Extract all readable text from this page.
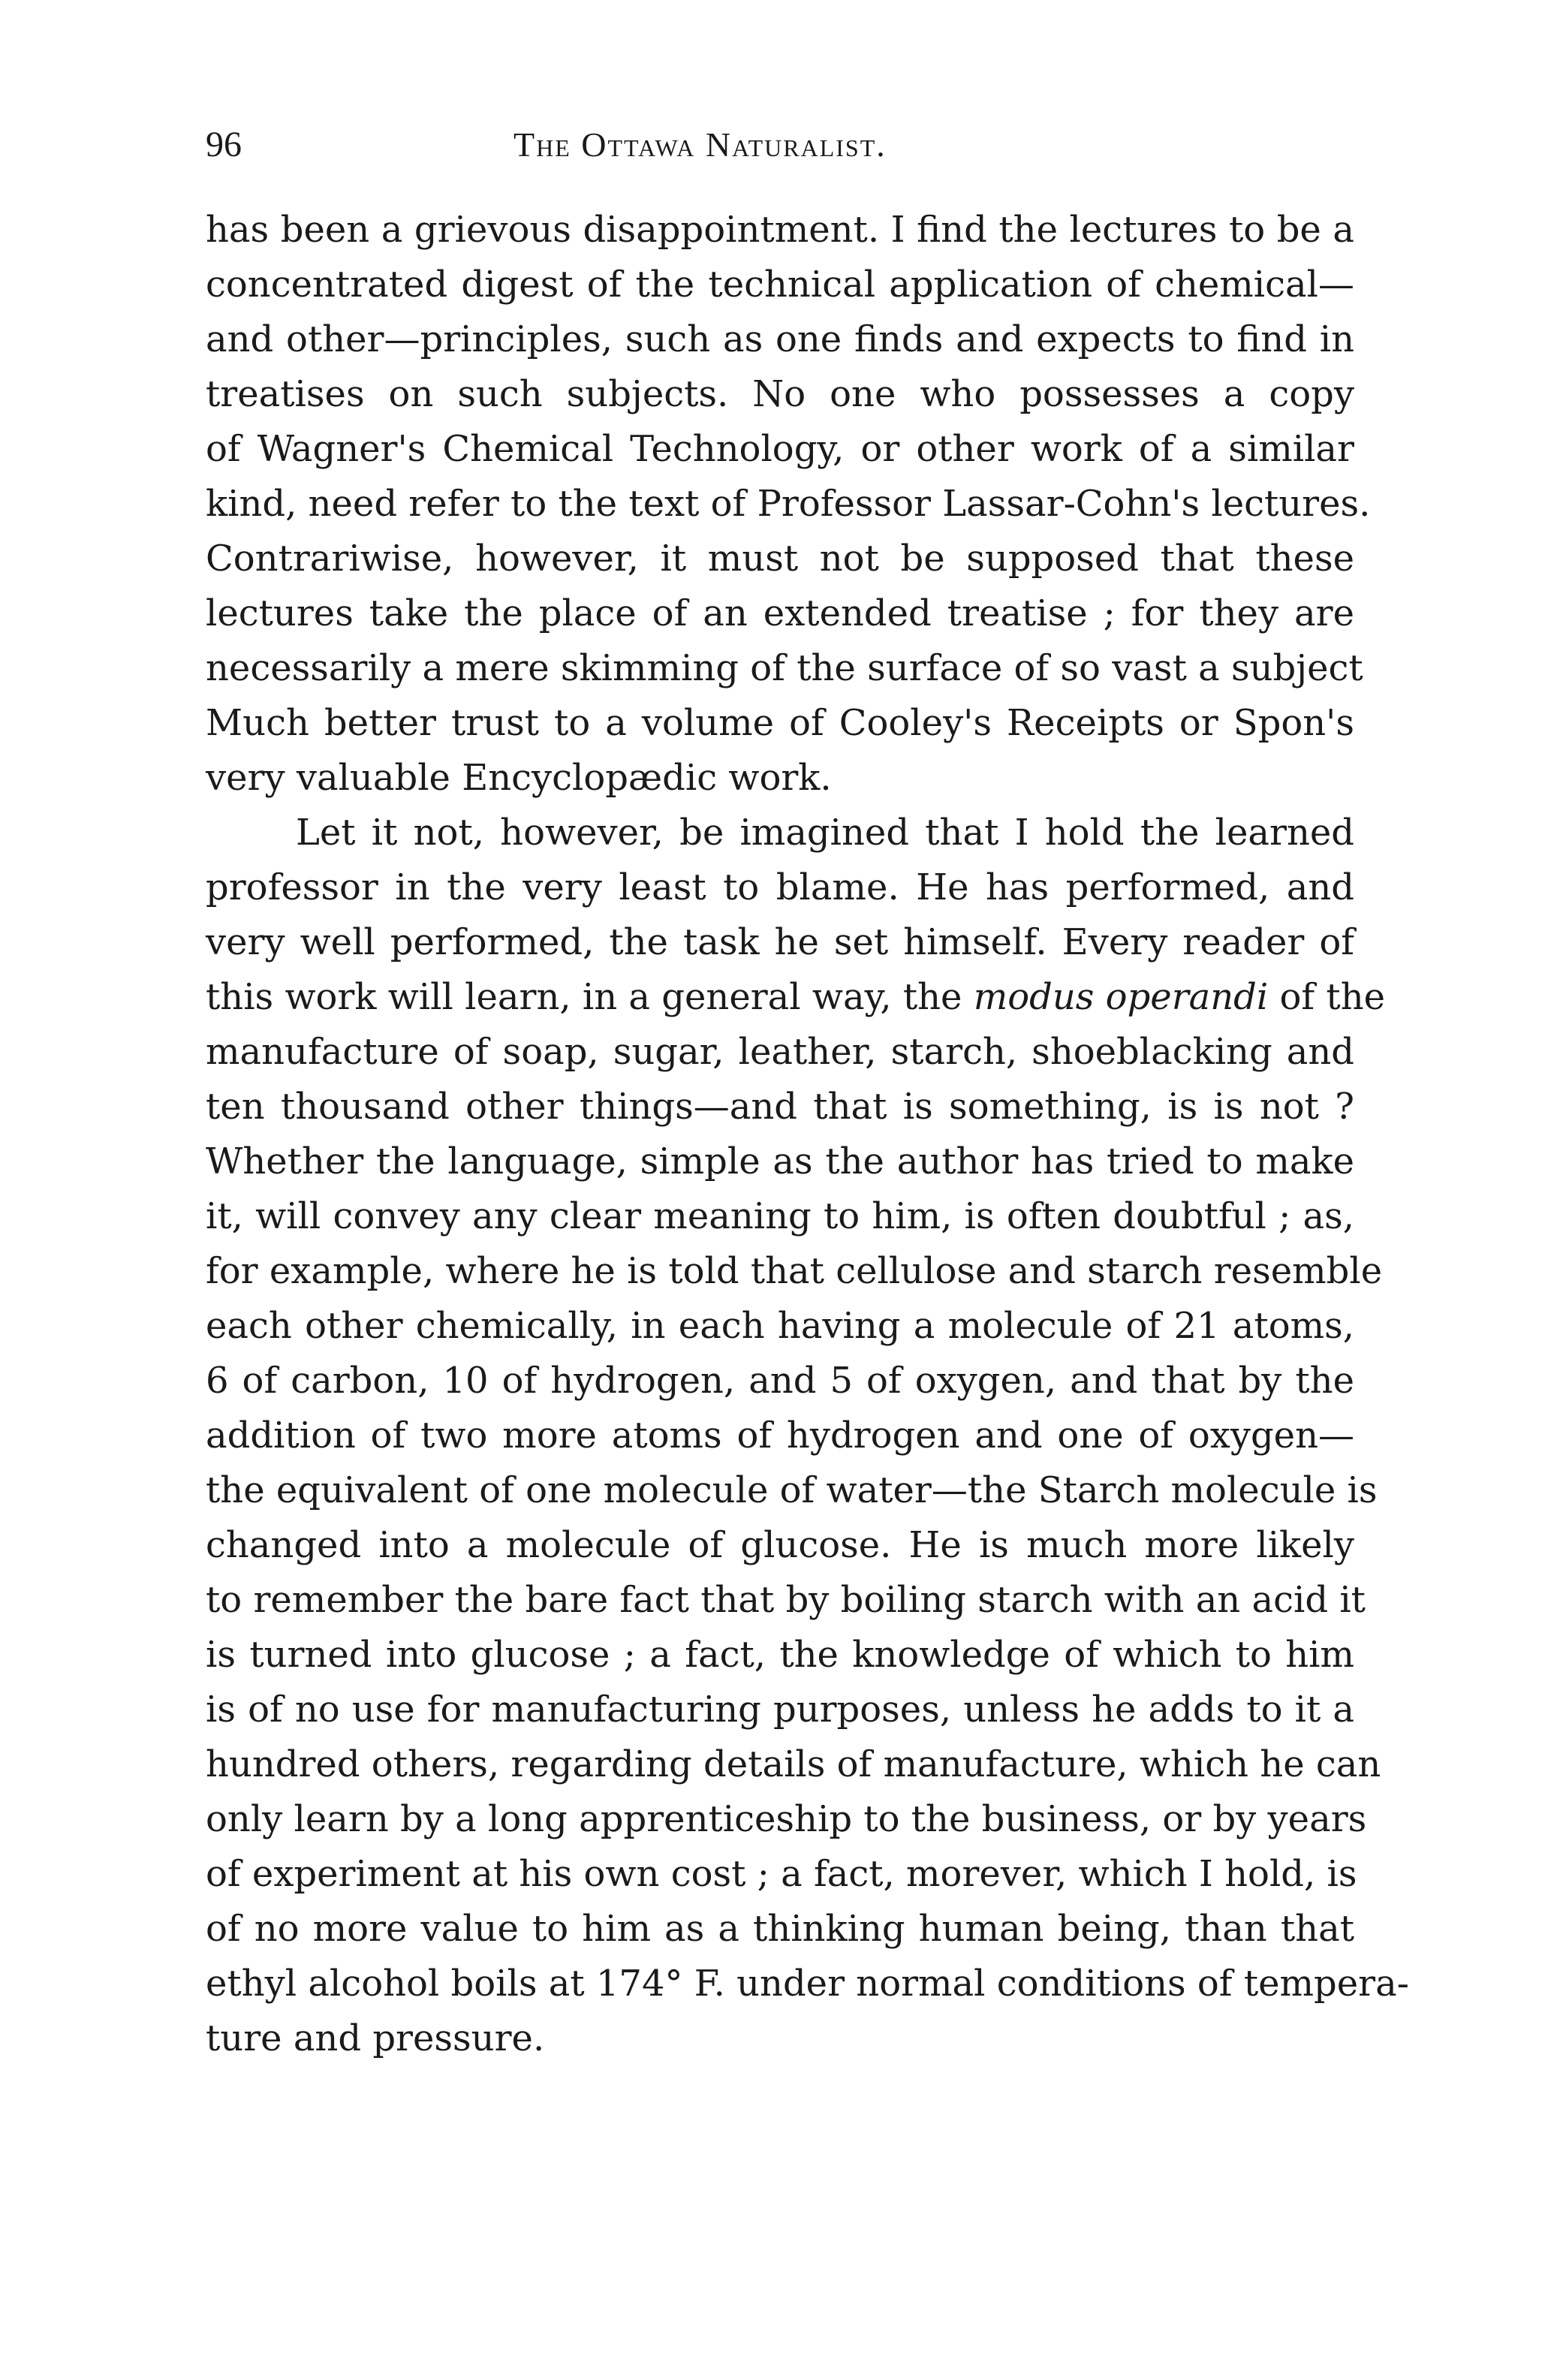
96	The Ottawa Naturalist.
has been a grievous disappointment. I find the lectures to be a
concentrated digest of the technical application of chemical—
and other—principles, such as one finds and expects to find in
treatises on such subjects. No one who possesses a copy
of Wagner's Chemical Technology, or other work of a similar
kind, need refer to the text of Professor Lassar-Cohn's lectures.
Contrariwise, however, it must not be supposed that these
lectures take the place of an extended treatise ; for they are
necessarily a mere skimming of the surface of so vast a subject
Much better trust to a volume of Cooley's Receipts or Spon's
very valuable Encyclopædic work.
Let it not, however, be imagined that I hold the learned
professor in the very least to blame. He has performed, and
very well performed, the task he set himself. Every reader of
this work will learn, in a general way, the modus operandi of the
manufacture of soap, sugar, leather, starch, shoeblacking and
ten thousand other things—and that is something, is is not ?
Whether the language, simple as the author has tried to make
it, will convey any clear meaning to him, is often doubtful ; as,
for example, where he is told that cellulose and starch resemble
each other chemically, in each having a molecule of 21 atoms,
6 of carbon, 10 of hydrogen, and 5 of oxygen, and that by the
addition of two more atoms of hydrogen and one of oxygen—
the equivalent of one molecule of water—the Starch molecule is
changed into a molecule of glucose. He is much more likely
to remember the bare fact that by boiling starch with an acid it
is turned into glucose ; a fact, the knowledge of which to him
is of no use for manufacturing purposes, unless he adds to it a
hundred others, regarding details of manufacture, which he can
only learn by a long apprenticeship to the business, or by years
of experiment at his own cost ; a fact, morever, which I hold, is
of no more value to him as a thinking human being, than that
ethyl alcohol boils at 174° F. under normal conditions of tempera-
ture and pressure.
